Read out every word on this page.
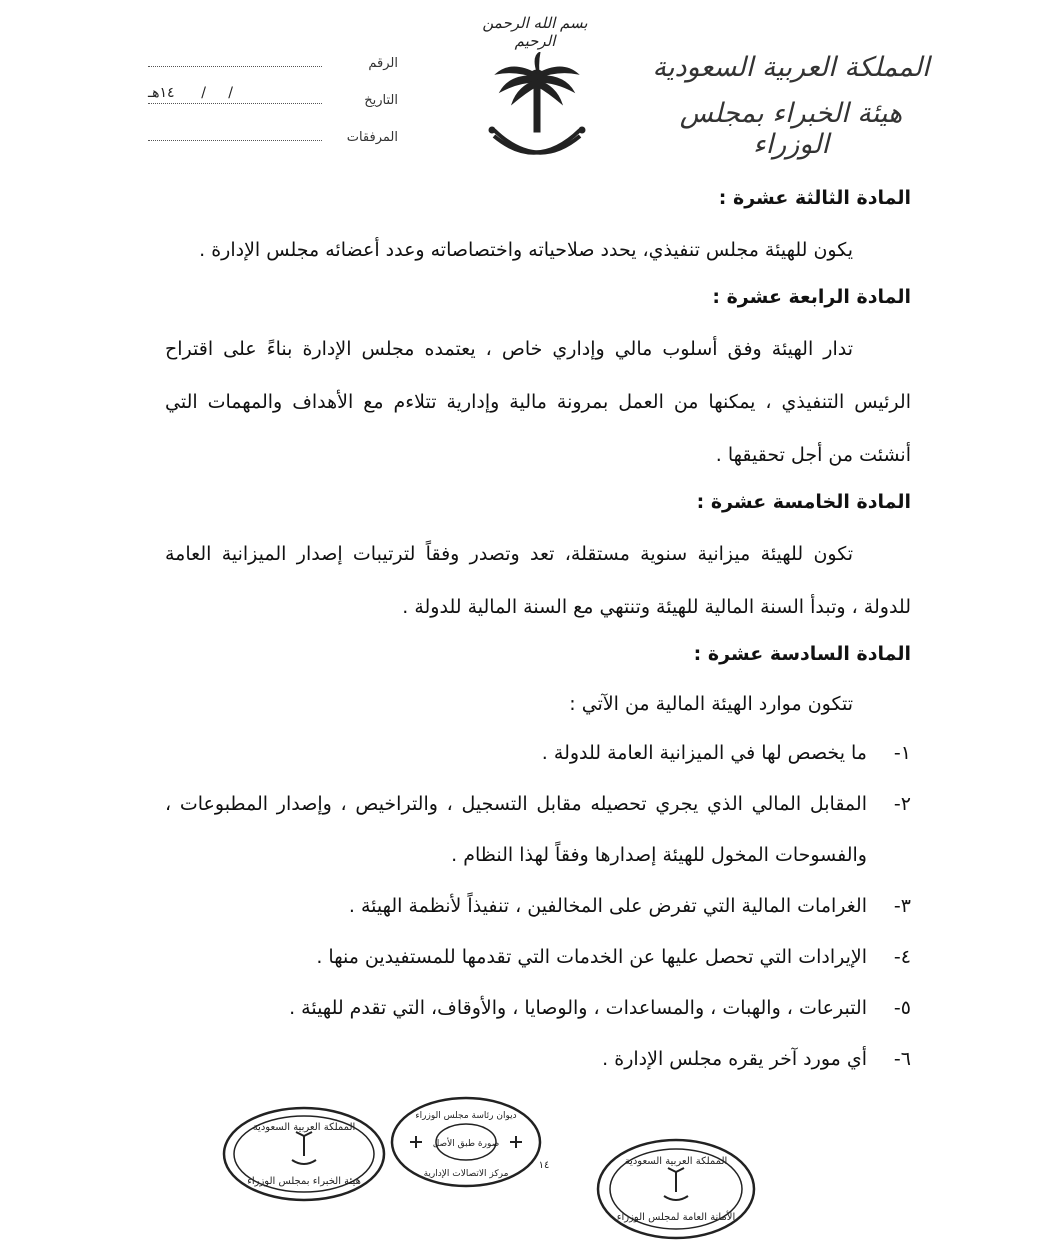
بسم الله الرحمن الرحيم
الرقم
التاريخ
/     /      ١٤هـ
المرفقات
المملكة العربية السعودية
هيئة الخبراء بمجلس الوزراء
المادة الثالثة عشرة :

يكون للهيئة مجلس تنفيذي، يحدد صلاحياته واختصاصاته وعدد أعضائه مجلس الإدارة .

المادة الرابعة عشرة :

تدار الهيئة وفق أسلوب مالي وإداري خاص ، يعتمده مجلس الإدارة بناءً على اقتراح الرئيس التنفيذي ، يمكنها من العمل بمرونة مالية وإدارية تتلاءم مع الأهداف والمهمات التي أنشئت من أجل تحقيقها .

المادة الخامسة عشرة :

تكون للهيئة ميزانية سنوية مستقلة، تعد وتصدر وفقاً لترتيبات إصدار الميزانية العامة للدولة ، وتبدأ السنة المالية للهيئة وتنتهي مع السنة المالية للدولة .

المادة السادسة عشرة :

تتكون موارد الهيئة المالية من الآتي :

١-
ما يخصص لها في الميزانية العامة للدولة .
٢-
المقابل المالي الذي يجري تحصيله مقابل التسجيل ، والتراخيص ، وإصدار المطبوعات ، والفسوحات المخول للهيئة إصدارها وفقاً لهذا النظام .
٣-
الغرامات المالية التي تفرض على المخالفين ، تنفيذاً لأنظمة الهيئة .
٤-
الإيرادات التي تحصل عليها عن الخدمات التي تقدمها للمستفيدين منها .
٥-
التبرعات ، والهبات ، والمساعدات ، والوصايا ، والأوقاف، التي تقدم للهيئة .
٦-
أي مورد آخر يقره مجلس الإدارة .
المملكة العربية السعودية
هيئة الخبراء بمجلس الوزراء
ديوان رئاسة مجلس الوزراء
صورة طبق الأصل
مركز الاتصالات الإدارية
١٤	المملكة العربية السعودية
الأمانة العامة لمجلس الوزراء
